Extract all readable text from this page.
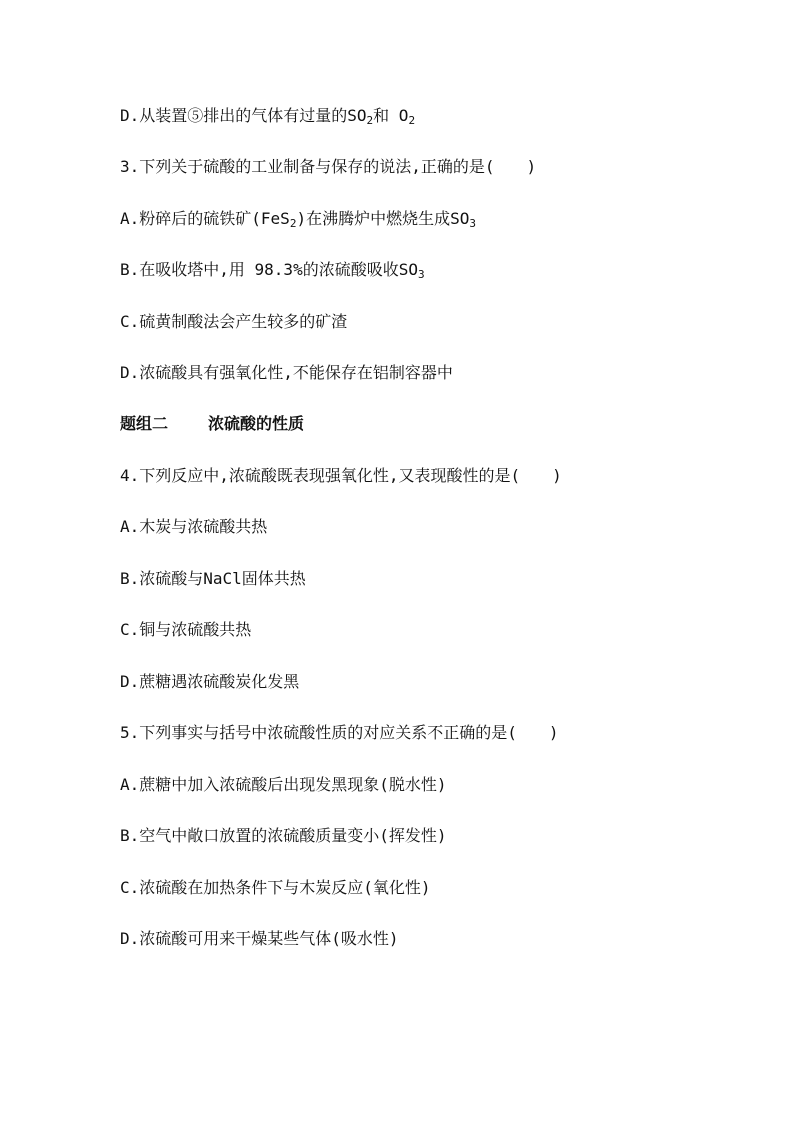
D.从装置⑤排出的气体有过量的$SO_2$和 $O_2$
3.下列关于硫酸的工业制备与保存的说法,正确的是(　　)
A.粉碎后的硫铁矿(FeS$_2$)在沸腾炉中燃烧生成$SO_3$
B.在吸收塔中,用 98.3%的浓硫酸吸收$SO_3$
C.硫黄制酸法会产生较多的矿渣
D.浓硫酸具有强氧化性,不能保存在铝制容器中
题组二	浓硫酸的性质
4.下列反应中,浓硫酸既表现强氧化性,又表现酸性的是(　　)
A.木炭与浓硫酸共热
B.浓硫酸与NaCl固体共热
C.铜与浓硫酸共热
D.蔗糖遇浓硫酸炭化发黑
5.下列事实与括号中浓硫酸性质的对应关系不正确的是(　　)
A.蔗糖中加入浓硫酸后出现发黑现象(脱水性)
B.空气中敞口放置的浓硫酸质量变小(挥发性)
C.浓硫酸在加热条件下与木炭反应(氧化性)
D.浓硫酸可用来干燥某些气体(吸水性)
